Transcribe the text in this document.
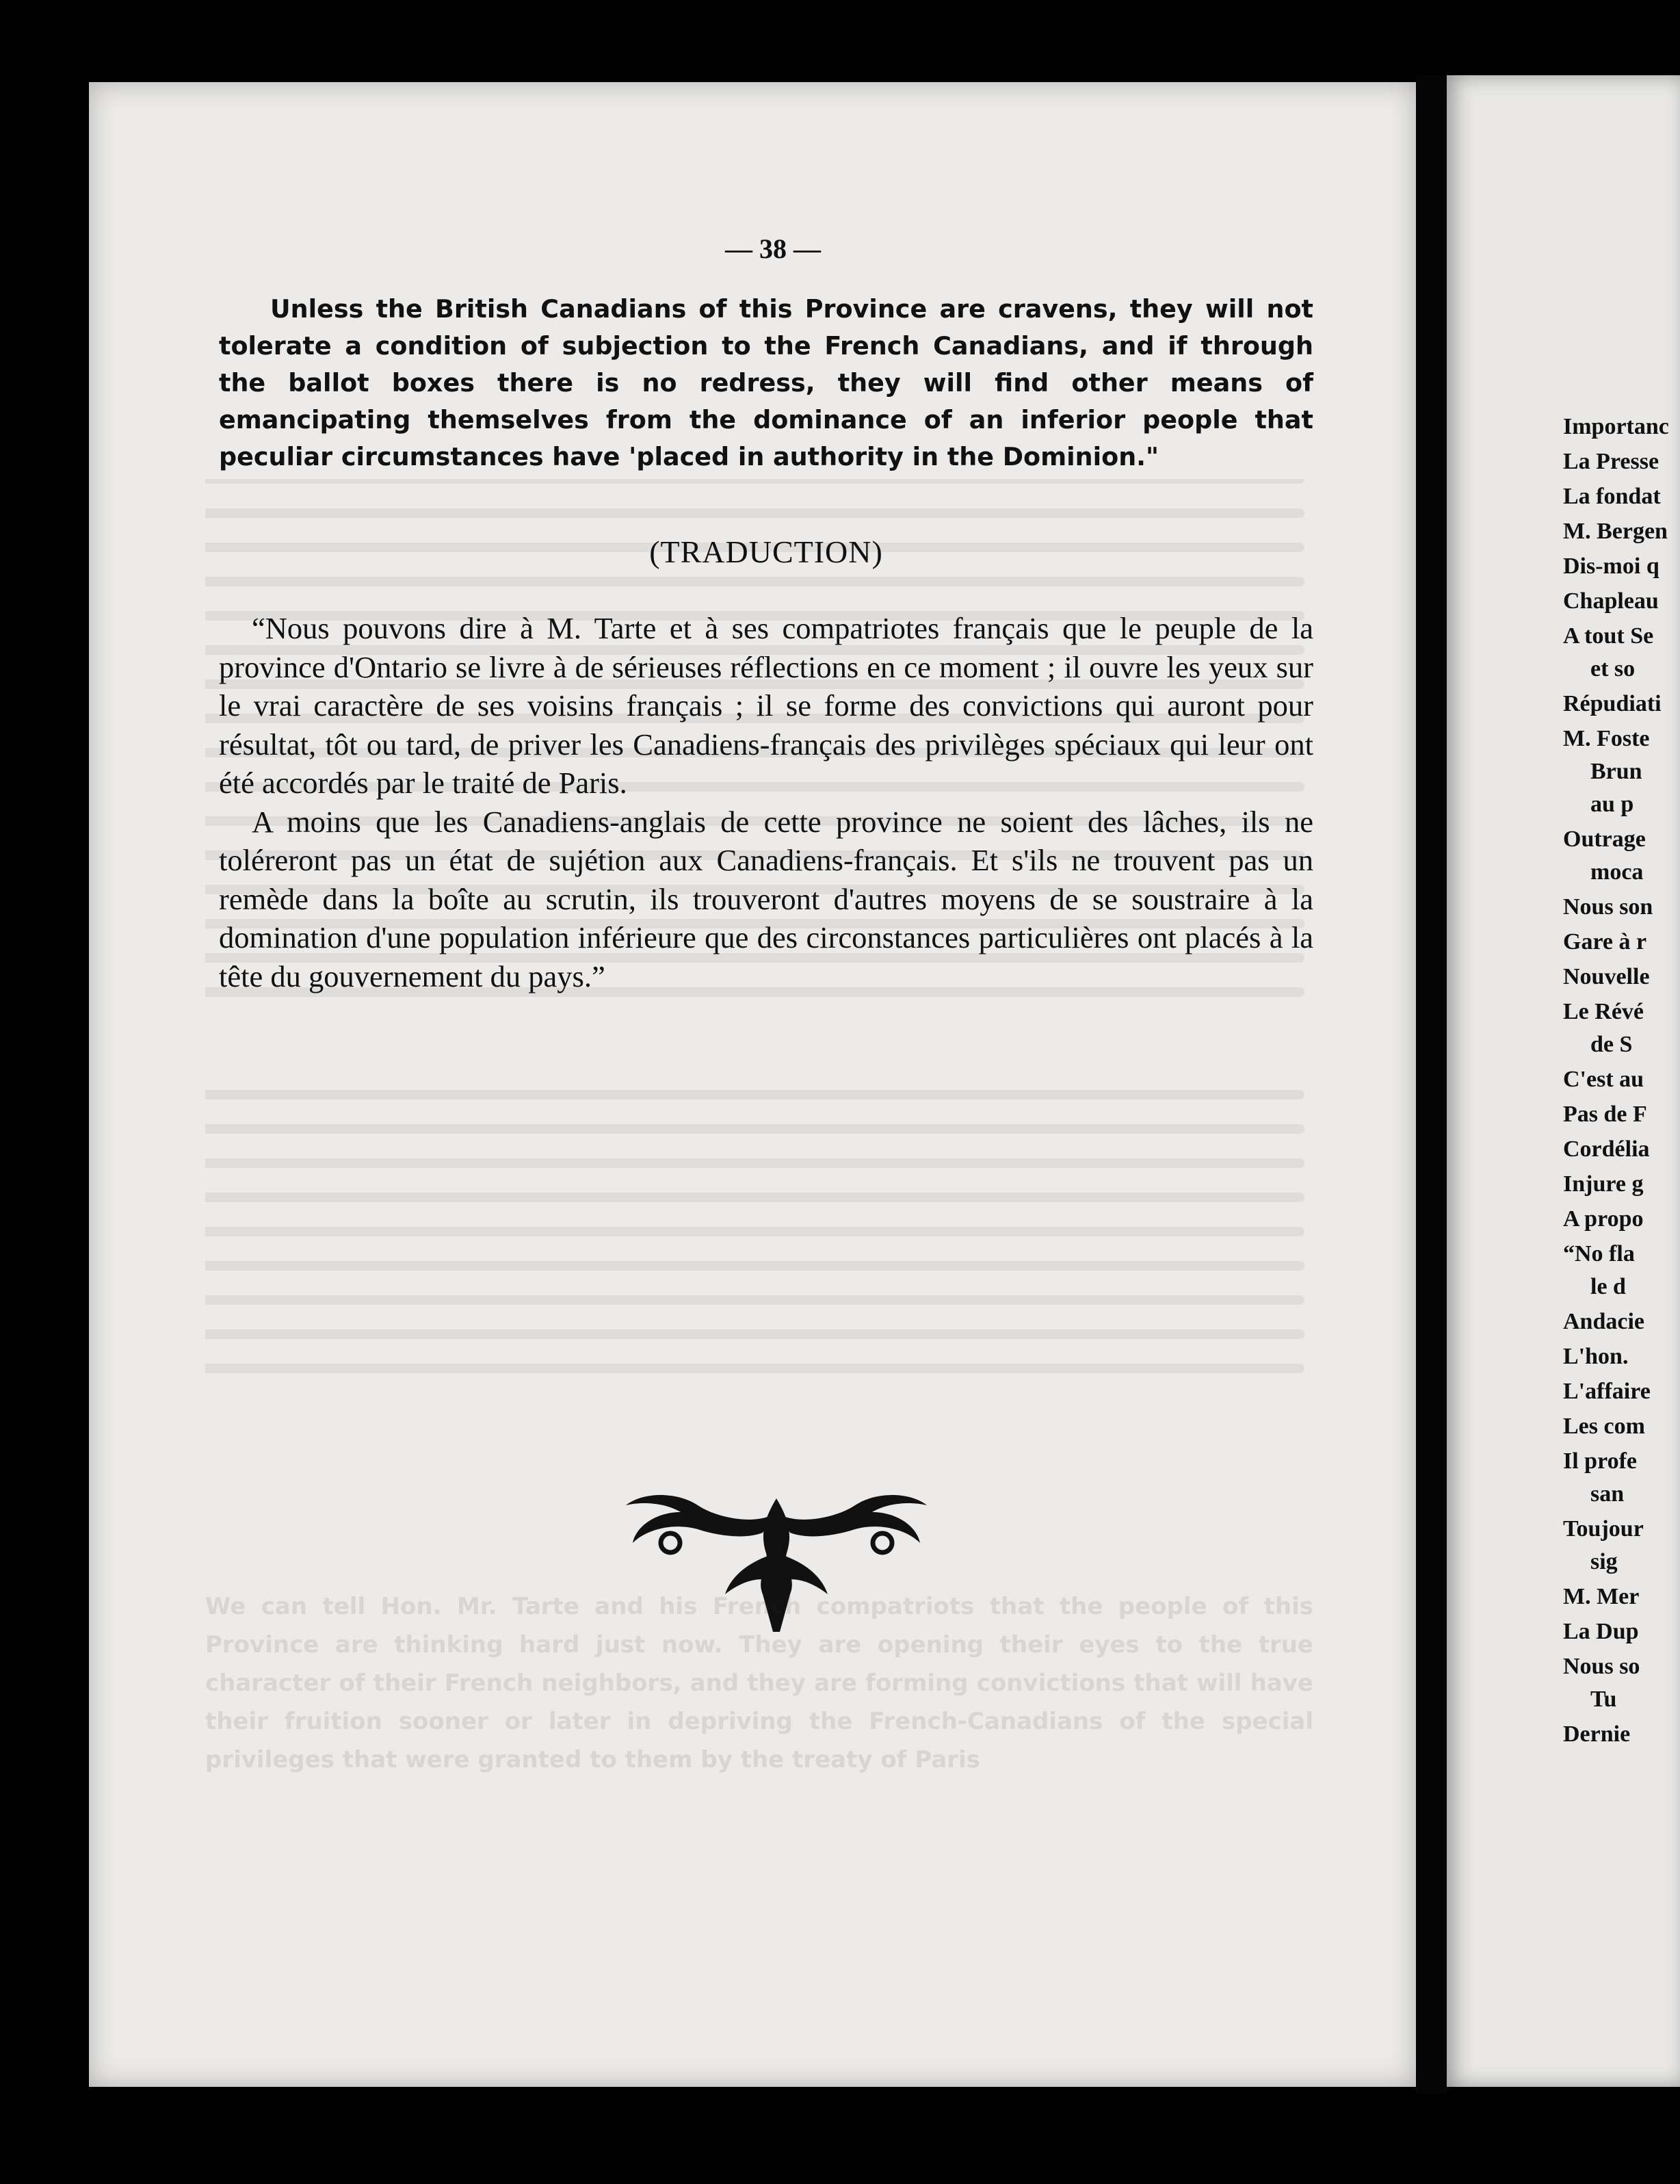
— 38 —

Unless the British Canadians of this Province are cravens, they will not tolerate a condition of subjection to the French Canadians, and if through the ballot boxes there is no redress, they will find other means of emancipating themselves from the dominance of an inferior people that peculiar circumstances have 'placed in authority in the Dominion."

(TRADUCTION)

“Nous pouvons dire à M. Tarte et à ses compatriotes français que le peuple de la province d'Ontario se livre à de sérieuses réflections en ce moment ; il ouvre les yeux sur le vrai caractère de ses voisins français ; il se forme des convictions qui auront pour résultat, tôt ou tard, de priver les Canadiens-français des privilèges spéciaux qui leur ont été accordés par le traité de Paris.

A moins que les Canadiens-anglais de cette province ne soient des lâches, ils ne toléreront pas un état de sujétion aux Canadiens-français. Et s'ils ne trouvent pas un remède dans la boîte au scrutin, ils trouveront d'autres moyens de se soustraire à la domination d'une population inférieure que des circonstances particulières ont placés à la tête du gouvernement du pays.”

We can tell Hon. Mr. Tarte and his French compatriots that the people of this Province are thinking hard just now. They are opening their eyes to the true character of their French neighbors, and they are forming convictions that will have their fruition sooner or later in depriving the French-Canadians of the special privileges that were granted to them by the treaty of Paris
Importanc
La Presse
La fondat
M. Bergen
Dis-moi q
Chapleau
A tout Se
et so
Répudiati
M. Foste
Brun
au p
Outrage
moca
Nous son
Gare à r
Nouvelle
Le Révé
de S
C'est au
Pas de F
Cordélia
Injure g
A propo
“No fla
le d
Andacie
L'hon.
L'affaire
Les com
Il profe
san
Toujour
sig
M. Mer
La Dup
Nous so
Tu
Dernie
